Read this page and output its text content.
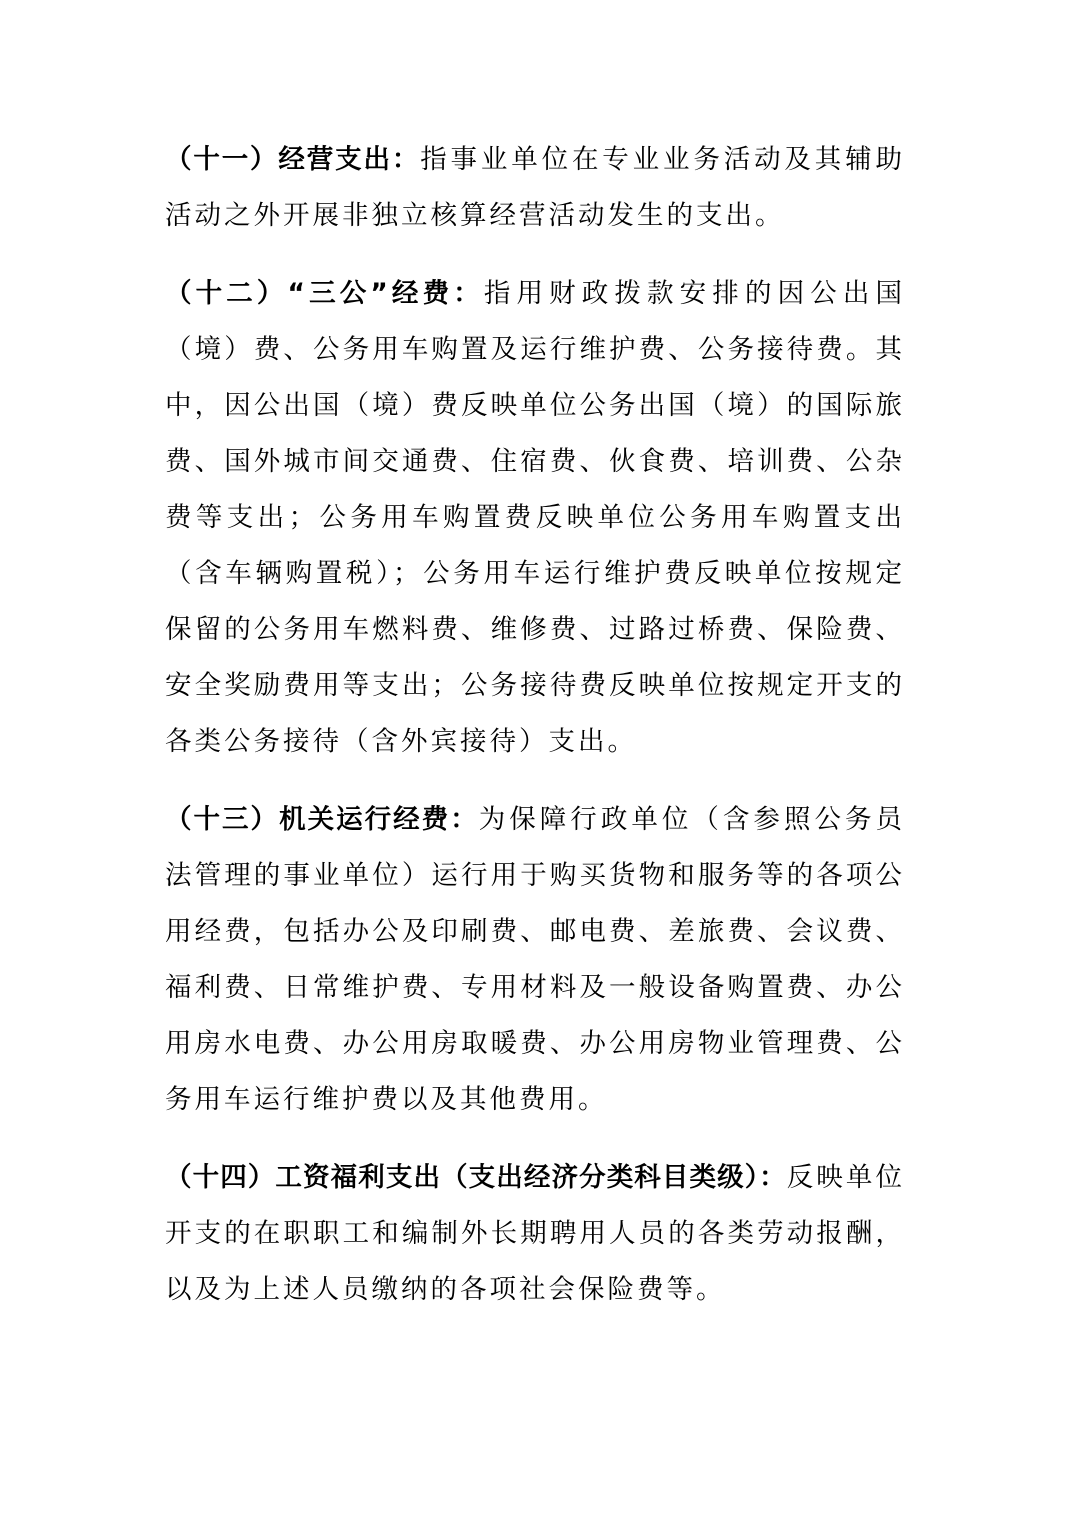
（十一）经营支出：指事业单位在专业业务活动及其辅助活动之外开展非独立核算经营活动发生的支出。

（十二）“三公”经费：指用财政拨款安排的因公出国（境）费、公务用车购置及运行维护费、公务接待费。其中，因公出国（境）费反映单位公务出国（境）的国际旅费、国外城市间交通费、住宿费、伙食费、培训费、公杂费等支出；公务用车购置费反映单位公务用车购置支出（含车辆购置税）；公务用车运行维护费反映单位按规定保留的公务用车燃料费、维修费、过路过桥费、保险费、安全奖励费用等支出；公务接待费反映单位按规定开支的各类公务接待（含外宾接待）支出。

（十三）机关运行经费：为保障行政单位（含参照公务员法管理的事业单位）运行用于购买货物和服务等的各项公用经费，包括办公及印刷费、邮电费、差旅费、会议费、福利费、日常维护费、专用材料及一般设备购置费、办公用房水电费、办公用房取暖费、办公用房物业管理费、公务用车运行维护费以及其他费用。

（十四）工资福利支出（支出经济分类科目类级）：反映单位开支的在职职工和编制外长期聘用人员的各类劳动报酬，以及为上述人员缴纳的各项社会保险费等。
